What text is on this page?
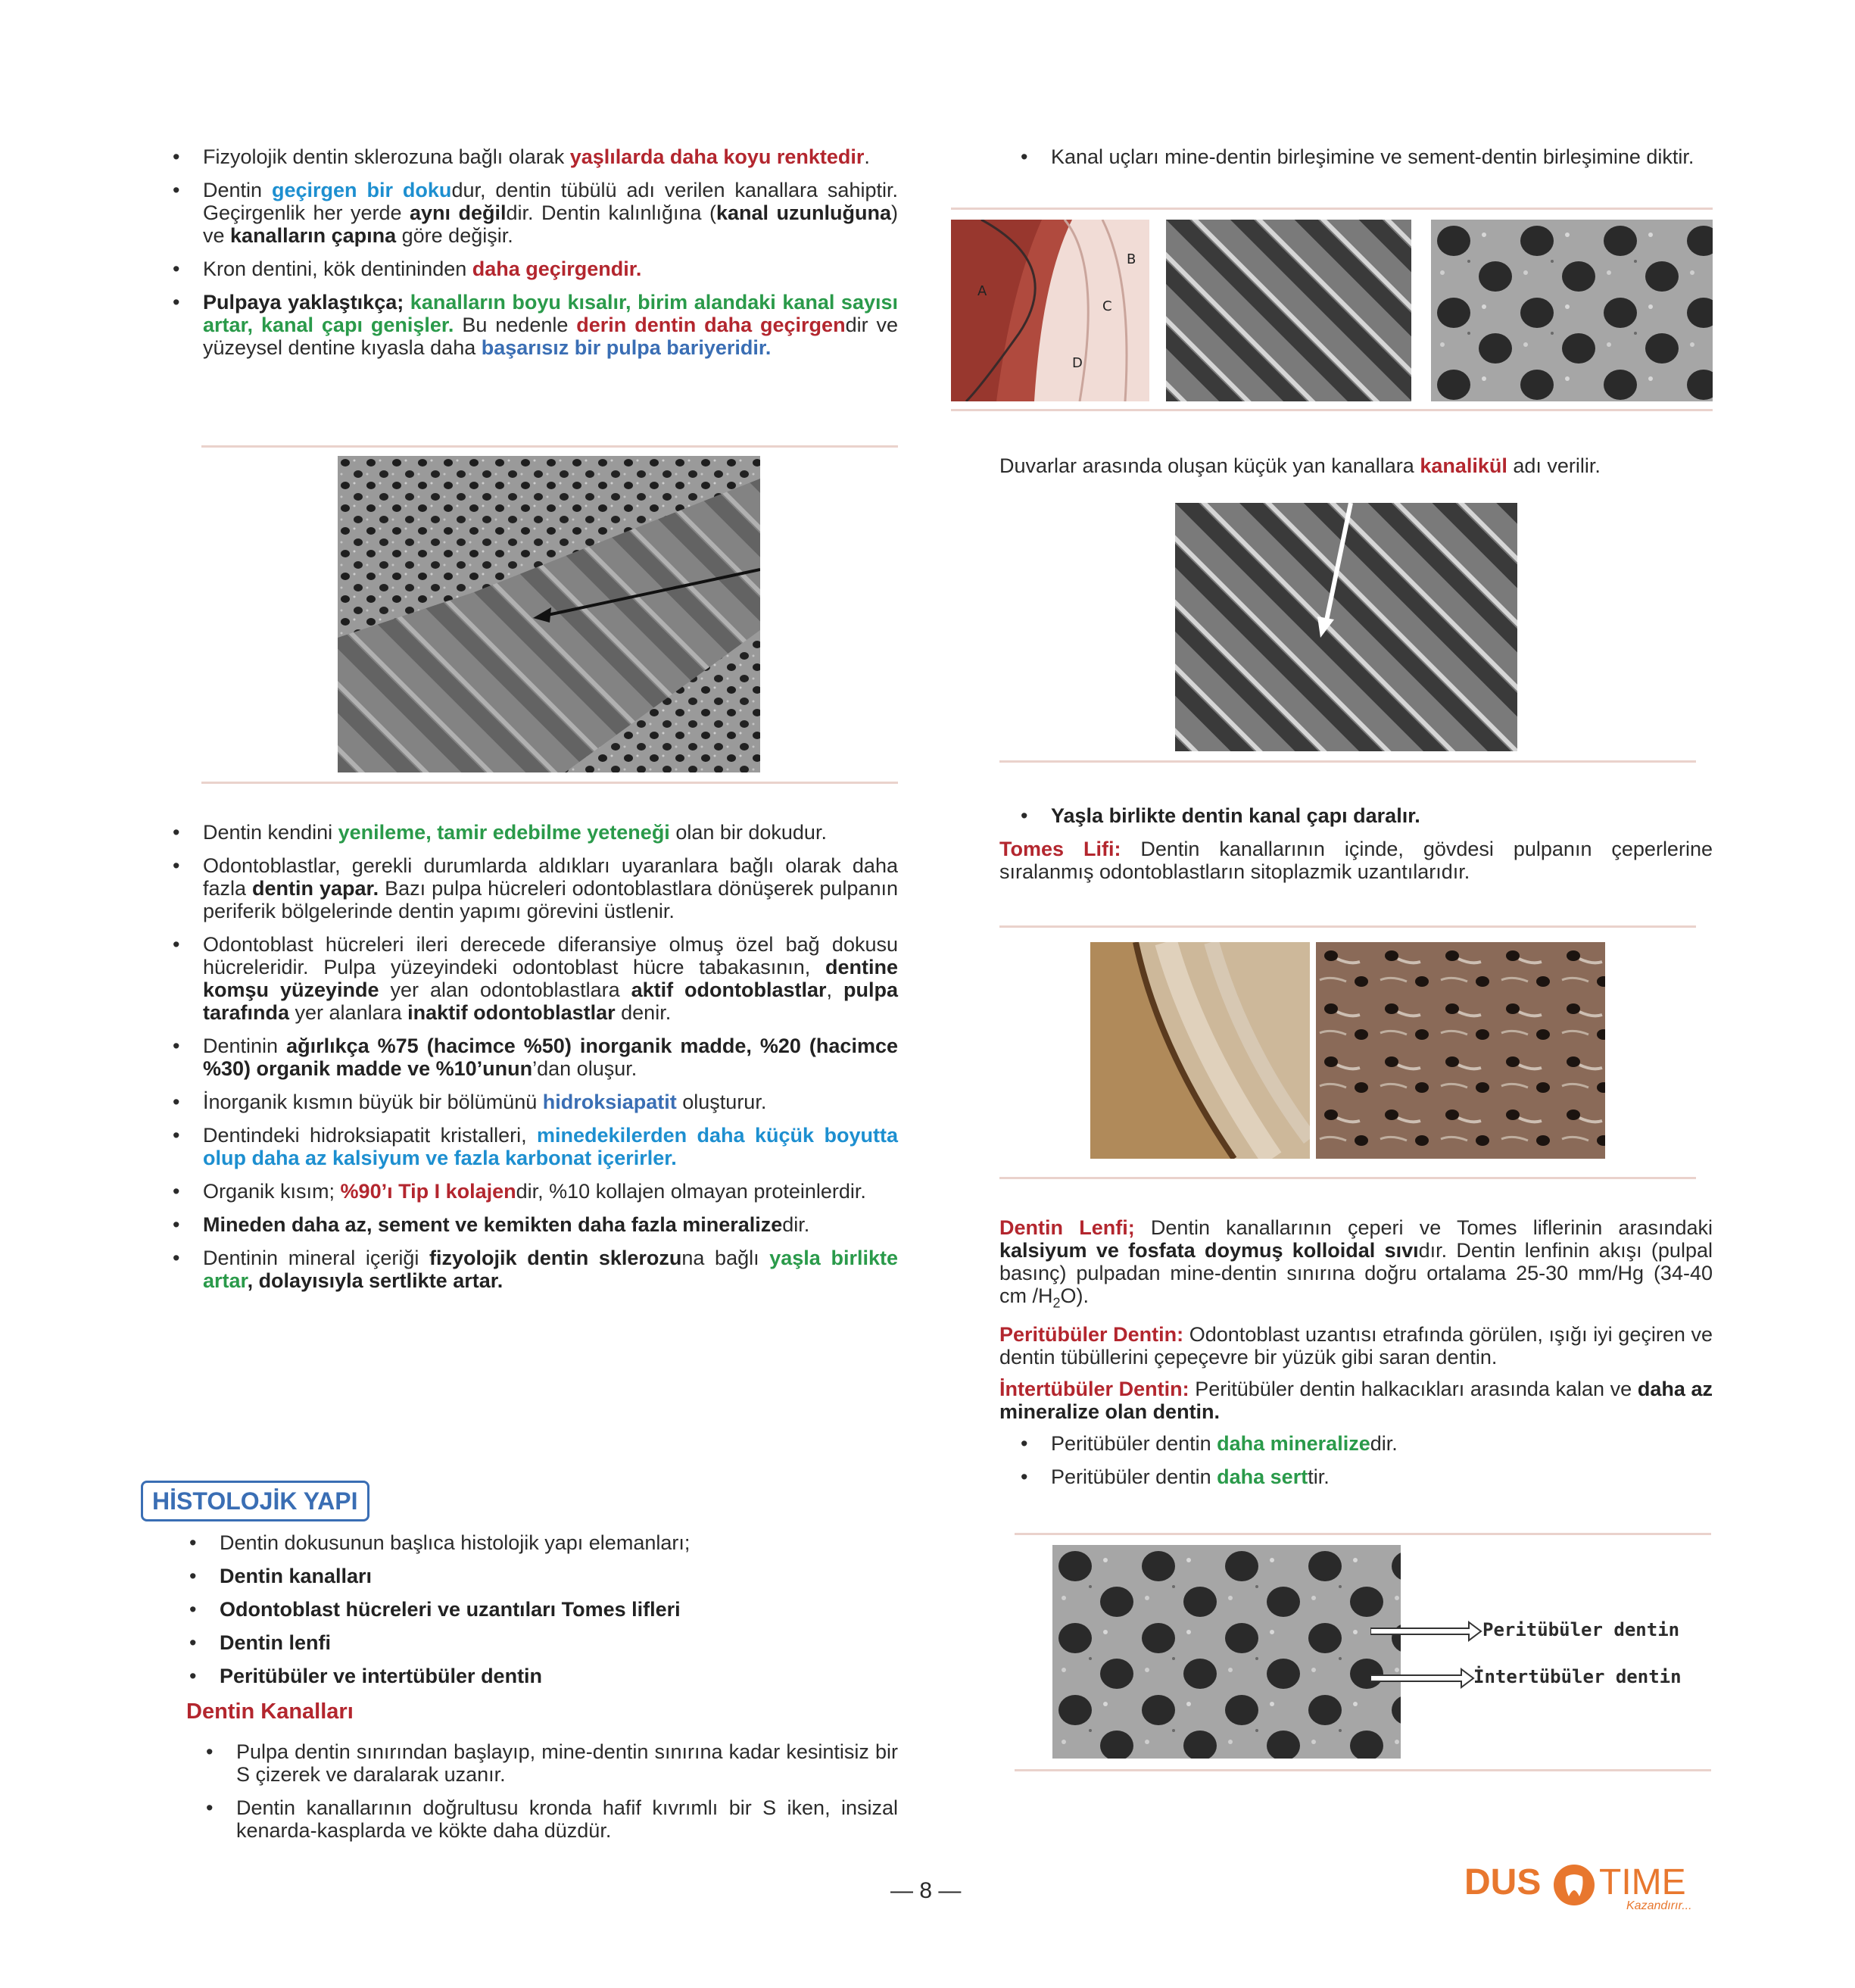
• Fizyolojik dentin sklerozuna bağlı olarak yaşlılarda daha koyu renktedir.
• Dentin geçirgen bir dokudur, dentin tübülü adı verilen kanallara sahiptir. Geçirgenlik her yerde aynı değildir. Dentin kalınlığına (kanal uzunluğuna) ve kanalların çapına göre değişir.
• Kron dentini, kök dentininden daha geçirgendir.
• Pulpaya yaklaştıkça; kanalların boyu kısalır, birim alandaki kanal sayısı artar, kanal çapı genişler. Bu nedenle derin dentin daha geçirgendir ve yüzeysel dentine kıyasla daha başarısız bir pulpa bariyeridir.
• Dentin kendini yenileme, tamir edebilme yeteneği olan bir dokudur.
• Odontoblastlar, gerekli durumlarda aldıkları uyaranlara bağlı olarak daha fazla dentin yapar. Bazı pulpa hücreleri odontoblastlara dönüşerek pulpanın periferik bölgelerinde dentin yapımı görevini üstlenir.
• Odontoblast hücreleri ileri derecede diferansiye olmuş özel bağ dokusu hücreleridir. Pulpa yüzeyindeki odontoblast hücre tabakasının, dentine komşu yüzeyinde yer alan odontoblastlara aktif odontoblastlar, pulpa tarafında yer alanlara inaktif odontoblastlar denir.
• Dentinin ağırlıkça %75 (hacimce %50) inorganik madde, %20 (hacimce %30) organik madde ve %10’unun’dan oluşur.
• İnorganik kısmın büyük bir bölümünü hidroksiapatit oluşturur.
• Dentindeki hidroksiapatit kristalleri, minedekilerden daha küçük boyutta olup daha az kalsiyum ve fazla karbonat içerirler.
• Organik kısım; %90’ı Tip I kolajendir, %10 kollajen olmayan proteinlerdir.
• Mineden daha az, sement ve kemikten daha fazla mineralizedir.
• Dentinin mineral içeriği fizyolojik dentin sklerozuna bağlı yaşla birlikte artar, dolayısıyla sertlikte artar.
HİSTOLOJİK YAPI
• Dentin dokusunun başlıca histolojik yapı elemanları;
• Dentin kanalları
• Odontoblast hücreleri ve uzantıları Tomes lifleri
• Dentin lenfi
• Peritübüler ve intertübüler dentin
Dentin Kanalları
• Pulpa dentin sınırından başlayıp, mine-dentin sınırına kadar kesintisiz bir S çizerek ve daralarak uzanır.
• Dentin kanallarının doğrultusu kronda hafif kıvrımlı bir S iken, insizal kenarda-kasplarda ve kökte daha düzdür.
• Kanal uçları mine-dentin birleşimine ve sement-dentin birleşimine diktir.
A
B
C
D
Duvarlar arasında oluşan küçük yan kanallara kanalikül adı verilir.
• Yaşla birlikte dentin kanal çapı daralır.
Tomes Lifi: Dentin kanallarının içinde, gövdesi pulpanın çeperlerine sıralanmış odontoblastların sitoplazmik uzantılarıdır.
Dentin Lenfi; Dentin kanallarının çeperi ve Tomes liflerinin arasındaki kalsiyum ve fosfata doymuş kolloidal sıvıdır. Dentin lenfinin akışı (pulpal basınç) pulpadan mine-dentin sınırına doğru ortalama 25-30 mm/Hg (34-40 cm $/H_2O$).
Peritübüler Dentin: Odontoblast uzantısı etrafında görülen, ışığı iyi geçiren ve dentin tübüllerini çepeçevre bir yüzük gibi saran dentin.
İntertübüler Dentin: Peritübüler dentin halkacıkları arasında kalan ve daha az mineralize olan dentin.
• Peritübüler dentin daha mineralizedir.
• Peritübüler dentin daha serttir.
Peritübüler dentin
İntertübüler dentin
— 8 —	DUS TIME
Kazandırır...
